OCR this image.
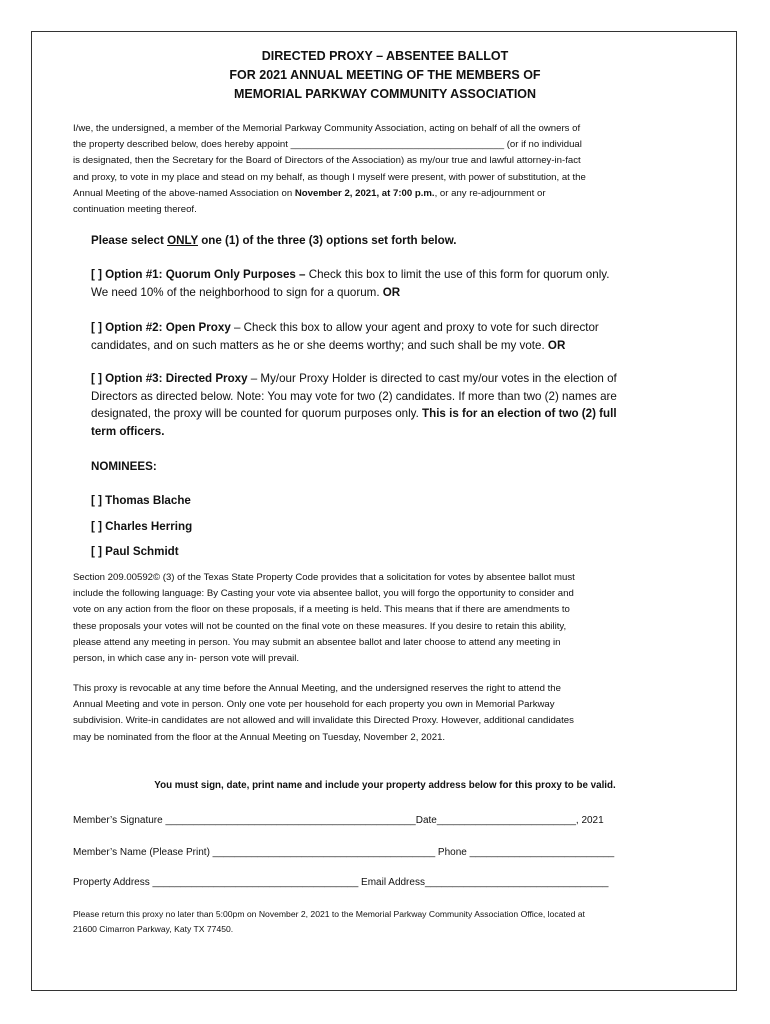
DIRECTED PROXY – ABSENTEE BALLOT
FOR 2021 ANNUAL MEETING OF THE MEMBERS OF
MEMORIAL PARKWAY COMMUNITY ASSOCIATION
I/we, the undersigned, a member of the Memorial Parkway Community Association, acting on behalf of all the owners of
the property described below, does hereby appoint ________________________________________ (or if no individual
is designated, then the Secretary for the Board of Directors of the Association) as my/our true and lawful attorney-in-fact
and proxy, to vote in my place and stead on my behalf, as though I myself were present, with power of substitution, at the
Annual Meeting of the above-named Association on November 2, 2021, at 7:00 p.m., or any re-adjournment or
continuation meeting thereof.
Please select ONLY one (1) of the three (3) options set forth below.
[ ] Option #1: Quorum Only Purposes – Check this box to limit the use of this form for quorum only.
We need 10% of the neighborhood to sign for a quorum. OR
[ ] Option #2: Open Proxy – Check this box to allow your agent and proxy to vote for such director
candidates, and on such matters as he or she deems worthy; and such shall be my vote. OR
[ ] Option #3: Directed Proxy – My/our Proxy Holder is directed to cast my/our votes in the election of
Directors as directed below. Note: You may vote for two (2) candidates. If more than two (2) names are
designated, the proxy will be counted for quorum purposes only. This is for an election of two (2) full
term officers.
NOMINEES:
[ ] Thomas Blache
[ ] Charles Herring
[ ] Paul Schmidt
Section 209.00592© (3) of the Texas State Property Code provides that a solicitation for votes by absentee ballot must
include the following language: By Casting your vote via absentee ballot, you will forgo the opportunity to consider and
vote on any action from the floor on these proposals, if a meeting is held. This means that if there are amendments to
these proposals your votes will not be counted on the final vote on these measures. If you desire to retain this ability,
please attend any meeting in person. You may submit an absentee ballot and later choose to attend any meeting in
person, in which case any in- person vote will prevail.
This proxy is revocable at any time before the Annual Meeting, and the undersigned reserves the right to attend the
Annual Meeting and vote in person. Only one vote per household for each property you own in Memorial Parkway
subdivision. Write-in candidates are not allowed and will invalidate this Directed Proxy. However, additional candidates
may be nominated from the floor at the Annual Meeting on Tuesday, November 2, 2021.
You must sign, date, print name and include your property address below for this proxy to be valid.
Member’s Signature _____________________________________________Date_________________________, 2021
Member’s Name (Please Print) ________________________________________ Phone __________________________
Property Address _____________________________________ Email Address_________________________________
Please return this proxy no later than 5:00pm on November 2, 2021 to the Memorial Parkway Community Association Office, located at
21600 Cimarron Parkway, Katy TX 77450.
